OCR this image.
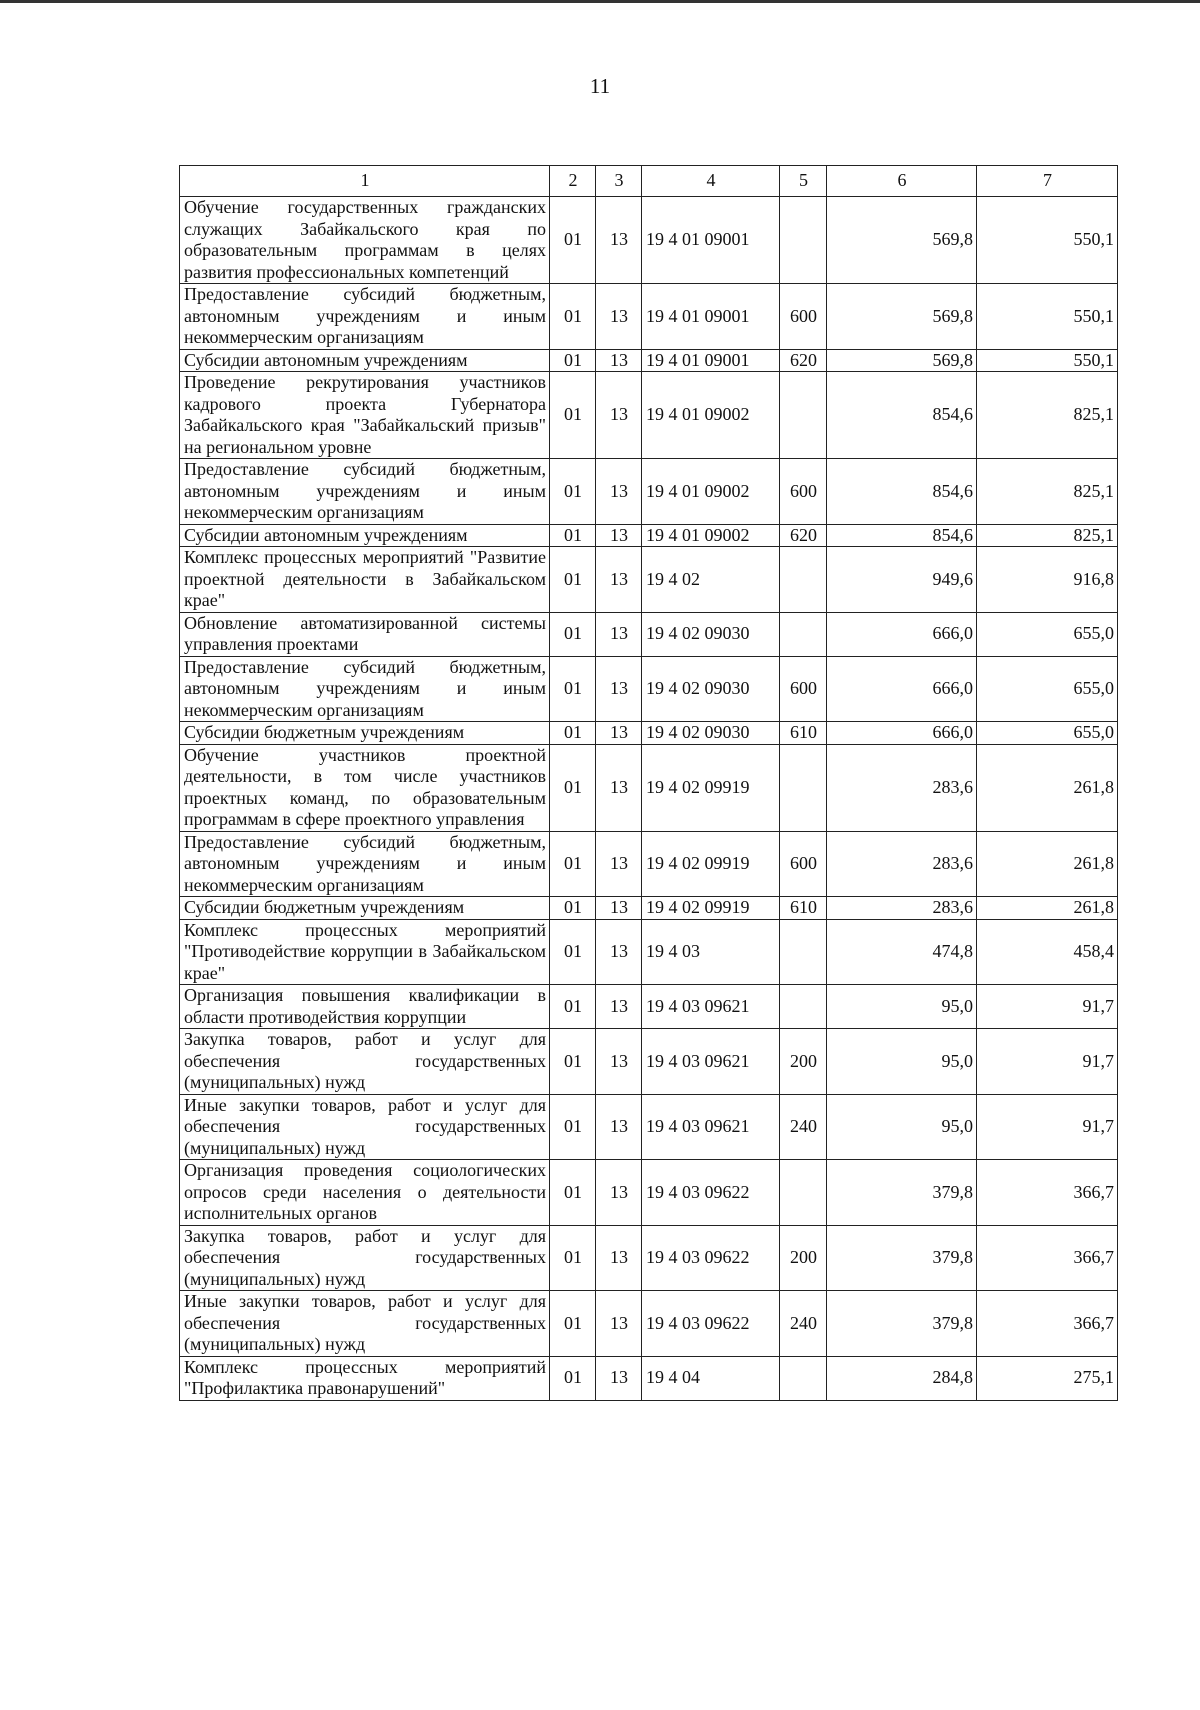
11
1	2	3	4	5	6	7
Обучение государственных гражданских служащих Забайкальского края по образовательным программам в целях развития профессиональных компетенций	01	13	19 4 01 09001		569,8	550,1
Предоставление субсидий бюджетным, автономным учреждениям и иным некоммерческим организациям	01	13	19 4 01 09001	600	569,8	550,1
Субсидии автономным учреждениям	01	13	19 4 01 09001	620	569,8	550,1
Проведение рекрутирования участников кадрового проекта Губернатора Забайкальского края "Забайкальский призыв" на региональном уровне	01	13	19 4 01 09002		854,6	825,1
Предоставление субсидий бюджетным, автономным учреждениям и иным некоммерческим организациям	01	13	19 4 01 09002	600	854,6	825,1
Субсидии автономным учреждениям	01	13	19 4 01 09002	620	854,6	825,1
Комплекс процессных мероприятий "Развитие проектной деятельности в Забайкальском крае"	01	13	19 4 02		949,6	916,8
Обновление автоматизированной системы управления проектами	01	13	19 4 02 09030		666,0	655,0
Предоставление субсидий бюджетным, автономным учреждениям и иным некоммерческим организациям	01	13	19 4 02 09030	600	666,0	655,0
Субсидии бюджетным учреждениям	01	13	19 4 02 09030	610	666,0	655,0
Обучение участников проектной деятельности, в том числе участников проектных команд, по образовательным программам в сфере проектного управления	01	13	19 4 02 09919		283,6	261,8
Предоставление субсидий бюджетным, автономным учреждениям и иным некоммерческим организациям	01	13	19 4 02 09919	600	283,6	261,8
Субсидии бюджетным учреждениям	01	13	19 4 02 09919	610	283,6	261,8
Комплекс процессных мероприятий "Противодействие коррупции в Забайкальском крае"	01	13	19 4 03		474,8	458,4
Организация повышения квалификации в области противодействия коррупции	01	13	19 4 03 09621		95,0	91,7
Закупка товаров, работ и услуг для обеспечения государственных (муниципальных) нужд	01	13	19 4 03 09621	200	95,0	91,7
Иные закупки товаров, работ и услуг для обеспечения государственных (муниципальных) нужд	01	13	19 4 03 09621	240	95,0	91,7
Организация проведения социологических опросов среди населения о деятельности исполнительных органов	01	13	19 4 03 09622		379,8	366,7
Закупка товаров, работ и услуг для обеспечения государственных (муниципальных) нужд	01	13	19 4 03 09622	200	379,8	366,7
Иные закупки товаров, работ и услуг для обеспечения государственных (муниципальных) нужд	01	13	19 4 03 09622	240	379,8	366,7
Комплекс процессных мероприятий "Профилактика правонарушений"	01	13	19 4 04		284,8	275,1
